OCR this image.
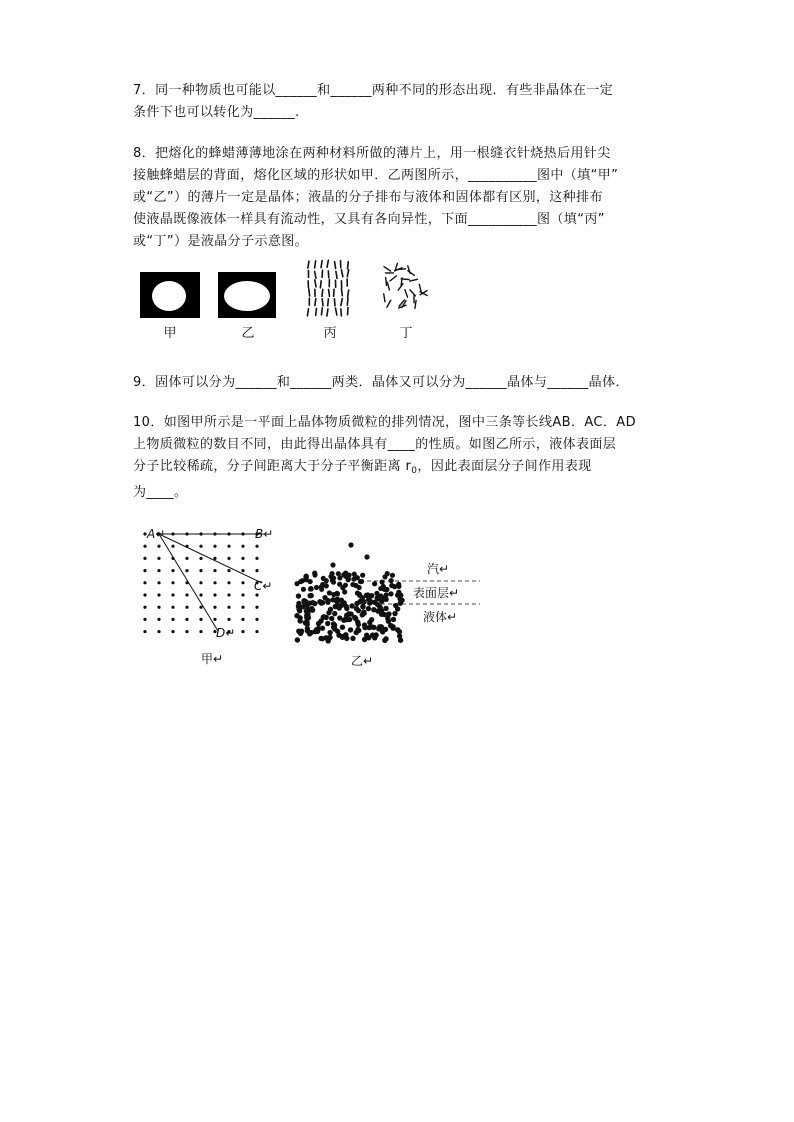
7．同一种物质也可能以______和______两种不同的形态出现．有些非晶体在一定

条件下也可以转化为______.

8．把熔化的蜂蜡薄薄地涂在两种材料所做的薄片上，用一根缝衣针烧热后用针尖

接触蜂蜡层的背面，熔化区域的形状如甲．乙两图所示，__________图中（填“甲”

或“乙”）的薄片一定是晶体；液晶的分子排布与液体和固体都有区别，这种排布

使液晶既像液体一样具有流动性，又具有各向异性，下面__________图（填“丙”

或“丁”）是液晶分子示意图。

甲	乙	丙	丁

9．固体可以分为______和______两类．晶体又可以分为______晶体与______晶体．

10．如图甲所示是一平面上晶体物质微粒的排列情况，图中三条等长线AB．AC．AD

上物质微粒的数目不同，由此得出晶体具有____的性质。如图乙所示，液体表面层

分子比较稀疏，分子间距离大于分子平衡距离 $r_0$，因此表面层分子间作用表现

为____。

A↵	B↵
C↵
D↵
甲↵
汽↵
表面层↵
液体↵
乙↵
